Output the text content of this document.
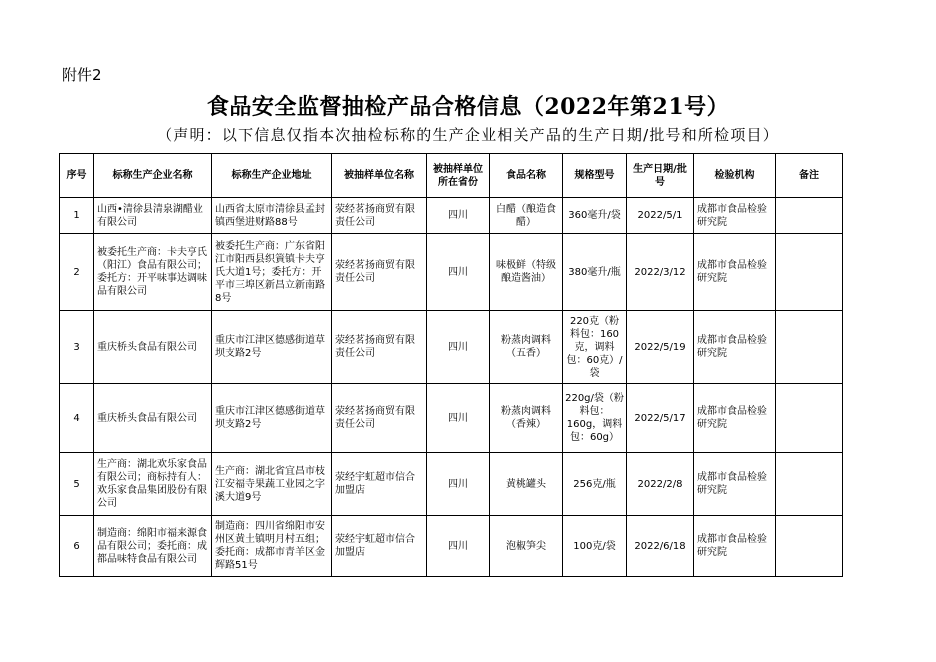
附件2
食品安全监督抽检产品合格信息（2022年第21号）
（声明：以下信息仅指本次抽检标称的生产企业相关产品的生产日期/批号和所检项目）
序号	标称生产企业名称	标称生产企业地址	被抽样单位名称	被抽样单位所在省份	食品名称	规格型号	生产日期/批号	检验机构	备注
1	山西•清徐县清泉湖醋业有限公司	山西省太原市清徐县孟封镇西堡进财路88号	荥经茗扬商贸有限责任公司	四川	白醋（酿造食醋）	360毫升/袋	2022/5/1	成都市食品检验研究院	
2	被委托生产商：卡夫亨氏（阳江）食品有限公司；委托方：开平味事达调味品有限公司	被委托生产商：广东省阳江市阳西县织篢镇卡夫亨氏大道1号；委托方：开平市三埠区新昌立新南路8号	荥经茗扬商贸有限责任公司	四川	味极鲜（特级酿造酱油）	380毫升/瓶	2022/3/12	成都市食品检验研究院	
3	重庆桥头食品有限公司	重庆市江津区德感街道草坝支路2号	荥经茗扬商贸有限责任公司	四川	粉蒸肉调料（五香）	220克（粉料包：160克，调料包：60克）/袋	2022/5/19	成都市食品检验研究院	
4	重庆桥头食品有限公司	重庆市江津区德感街道草坝支路2号	荥经茗扬商贸有限责任公司	四川	粉蒸肉调料（香辣）	220g/袋（粉料包：160g，调料包：60g）	2022/5/17	成都市食品检验研究院	
5	生产商：湖北欢乐家食品有限公司；商标持有人：欢乐家食品集团股份有限公司	生产商：湖北省宜昌市枝江安福寺果蔬工业园之字溪大道9号	荥经宇虹超市信合加盟店	四川	黄桃罐头	256克/瓶	2022/2/8	成都市食品检验研究院	
6	制造商：绵阳市福来源食品有限公司；委托商：成都品味特食品有限公司	制造商：四川省绵阳市安州区黄土镇明月村五组；委托商：成都市青羊区金辉路51号	荥经宇虹超市信合加盟店	四川	泡椒笋尖	100克/袋	2022/6/18	成都市食品检验研究院	
